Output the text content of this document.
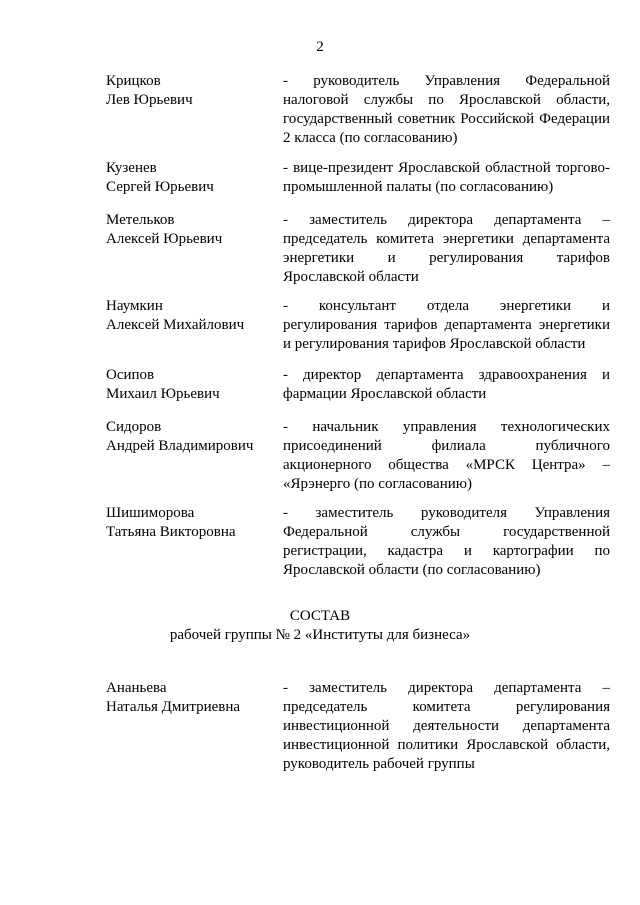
2
Крицков
Лев Юрьевич
- руководитель Управления Федеральной
налоговой службы по Ярославской области,
государственный советник Российской Федерации
2 класса (по согласованию)
Кузенев
Сергей Юрьевич
- вице-президент Ярославской областной торгово-
промышленной палаты (по согласованию)
Метельков
Алексей Юрьевич
- заместитель директора департамента –
председатель комитета энергетики департамента
энергетики и регулирования тарифов
Ярославской области
Наумкин
Алексей Михайлович
- консультант отдела энергетики и
регулирования тарифов департамента энергетики
и регулирования тарифов Ярославской области
Осипов
Михаил Юрьевич
- директор департамента здравоохранения и
фармации Ярославской области
Сидоров
Андрей Владимирович
- начальник управления технологических
присоединений филиала публичного
акционерного общества «МРСК Центра» –
«Ярэнерго (по согласованию)
Шишиморова
Татьяна Викторовна
- заместитель руководителя Управления
Федеральной службы государственной
регистрации, кадастра и картографии по
Ярославской области (по согласованию)
СОСТАВ
рабочей группы № 2 «Институты для бизнеса»
Ананьева
Наталья Дмитриевна
- заместитель директора департамента –
председатель комитета регулирования
инвестиционной деятельности департамента
инвестиционной политики Ярославской области,
руководитель рабочей группы
